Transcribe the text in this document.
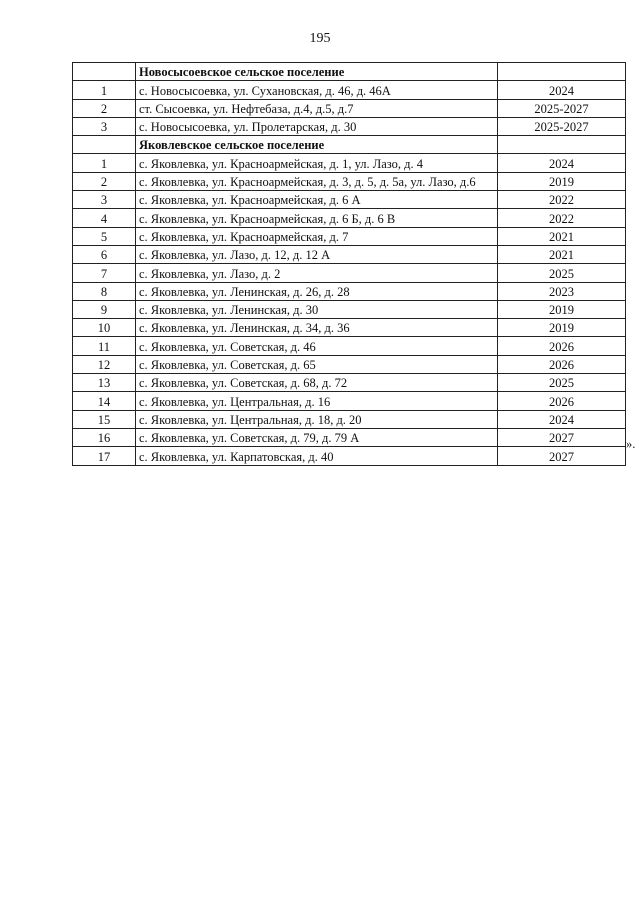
195
	Новосысоевское сельское поселение	
1	с. Новосысоевка, ул. Сухановская, д. 46, д. 46А	2024
2	ст. Сысоевка, ул. Нефтебаза, д.4, д.5, д.7	2025-2027
3	с. Новосысоевка, ул. Пролетарская, д. 30	2025-2027
	Яковлевское сельское поселение	
1	с. Яковлевка, ул. Красноармейская, д. 1, ул. Лазо, д. 4	2024
2	с. Яковлевка, ул. Красноармейская, д. 3, д. 5, д. 5а, ул. Лазо, д.6	2019
3	с. Яковлевка, ул. Красноармейская, д. 6 А	2022
4	с. Яковлевка, ул. Красноармейская, д. 6 Б, д. 6 В	2022
5	с. Яковлевка, ул. Красноармейская, д. 7	2021
6	с. Яковлевка, ул. Лазо, д. 12, д. 12 А	2021
7	с. Яковлевка, ул. Лазо, д. 2	2025
8	с. Яковлевка, ул. Ленинская, д. 26, д. 28	2023
9	с. Яковлевка, ул. Ленинская, д. 30	2019
10	с. Яковлевка, ул. Ленинская, д. 34, д. 36	2019
11	с. Яковлевка, ул. Советская, д. 46	2026
12	с. Яковлевка, ул. Советская, д. 65	2026
13	с. Яковлевка, ул. Советская, д. 68, д. 72	2025
14	с. Яковлевка, ул. Центральная, д. 16	2026
15	с. Яковлевка, ул. Центральная, д. 18, д. 20	2024
16	с. Яковлевка, ул. Советская, д. 79, д. 79 А	2027
17	с. Яковлевка, ул. Карпатовская, д. 40	2027
».
